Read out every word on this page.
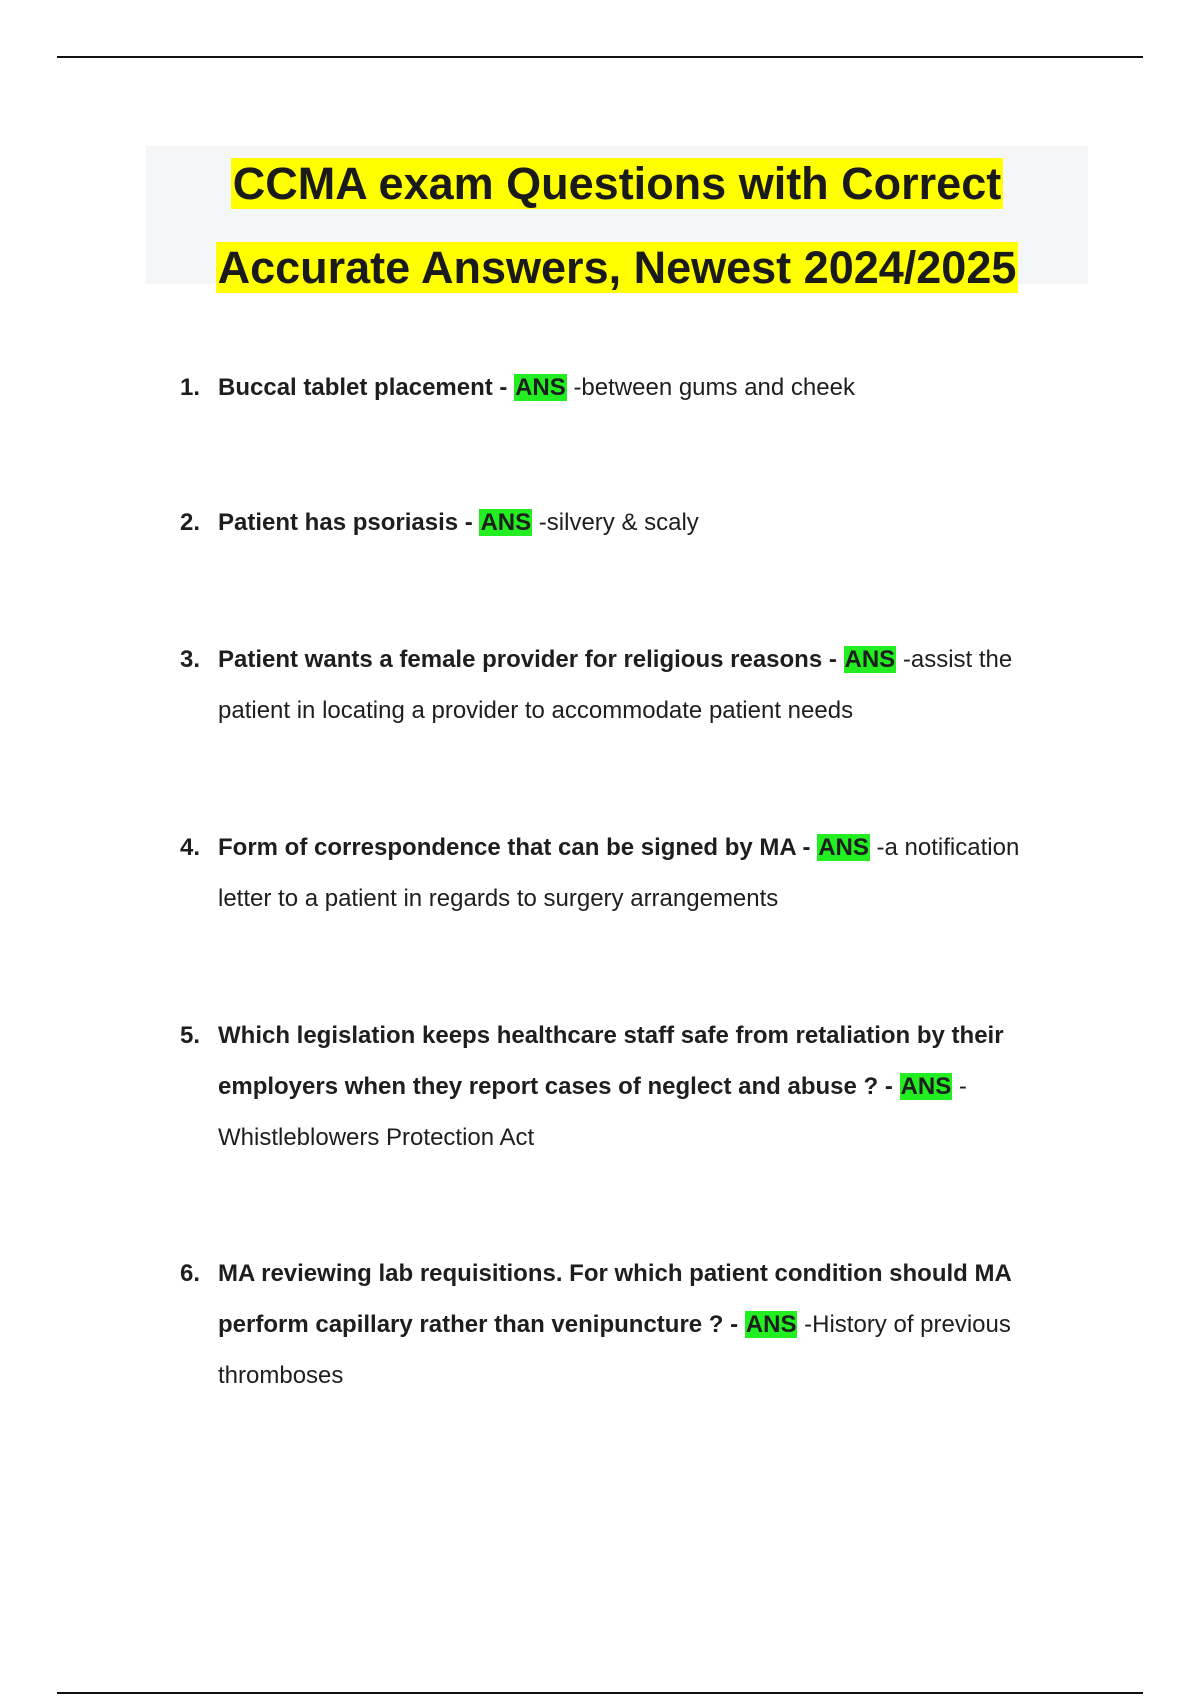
CCMA exam Questions with Correct
Accurate Answers, Newest 2024/2025
1. Buccal tablet placement - ANS -between gums and cheek
2. Patient has psoriasis - ANS -silvery & scaly
3. Patient wants a female provider for religious reasons - ANS -assist the patient in locating a provider to accommodate patient needs
4. Form of correspondence that can be signed by MA - ANS -a notification letter to a patient in regards to surgery arrangements
5. Which legislation keeps healthcare staff safe from retaliation by their employers when they report cases of neglect and abuse ? - ANS - Whistleblowers Protection Act
6. MA reviewing lab requisitions. For which patient condition should MA perform capillary rather than venipuncture ? - ANS -History of previous thromboses
